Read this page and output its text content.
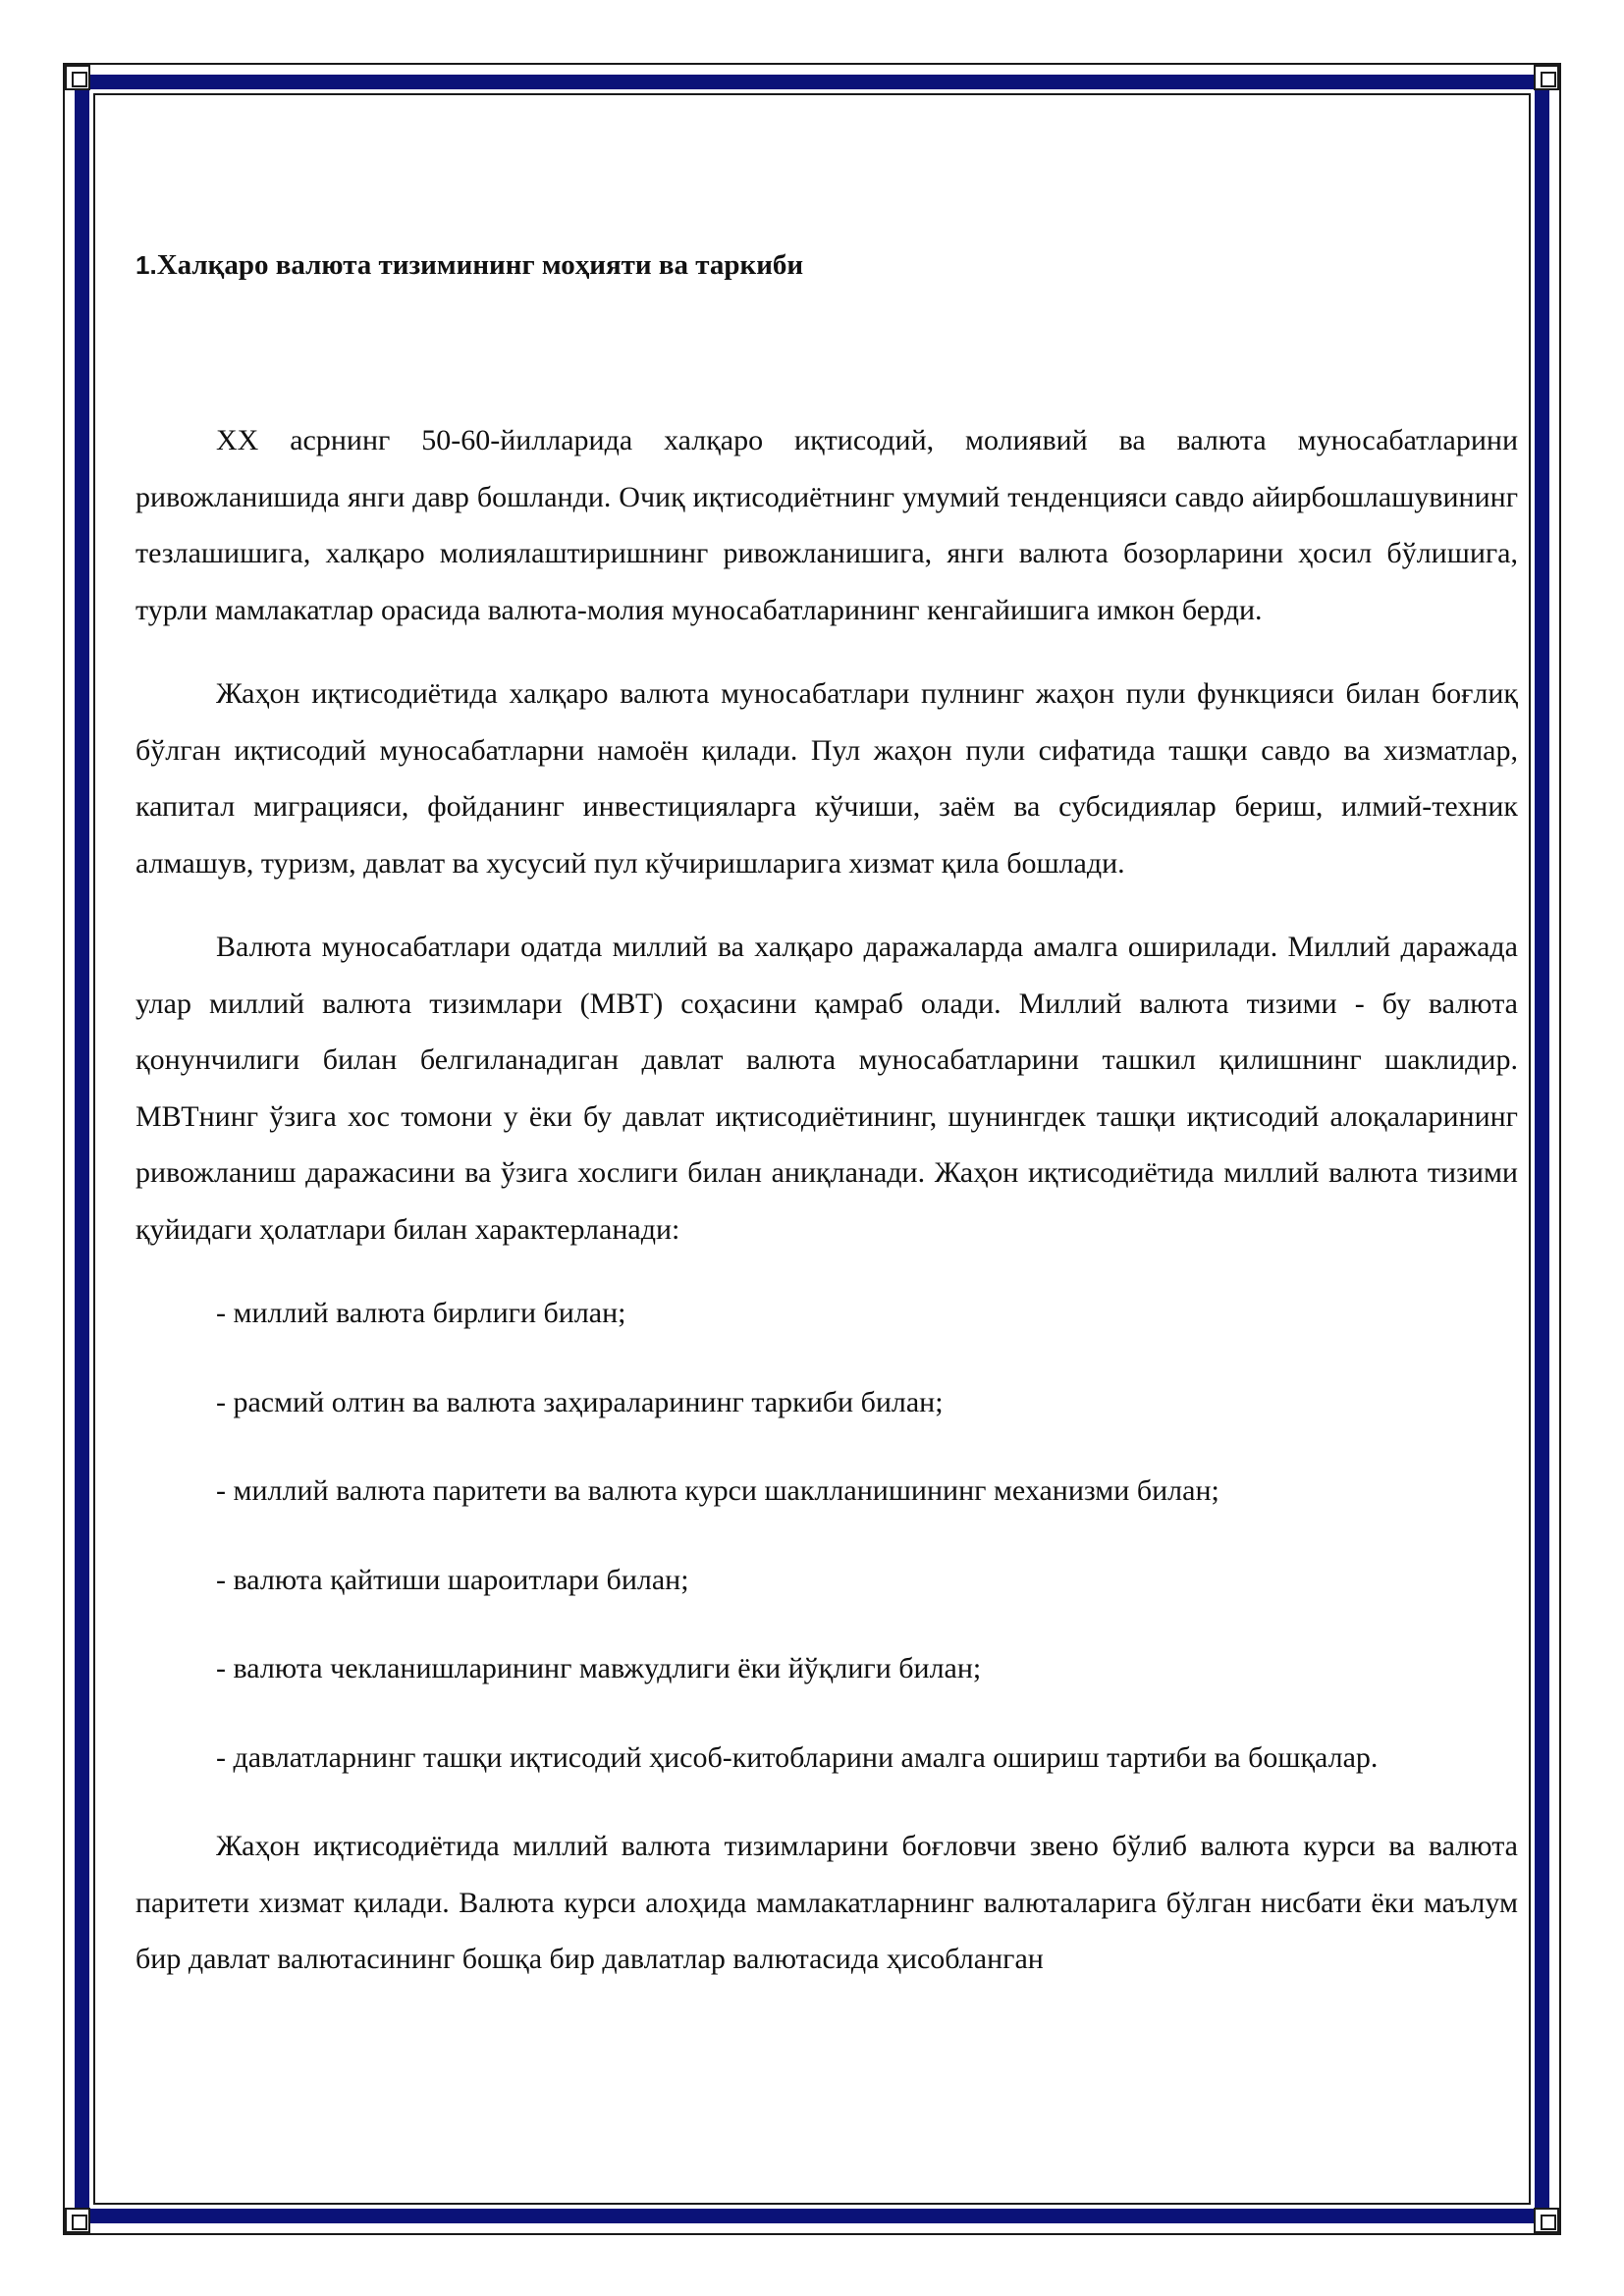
1.Халқаро валюта тизимининг моҳияти ва таркиби

ХХ асрнинг 50-60-йилларида халқаро иқтисодий, молиявий ва валюта муносабатларини ривожланишида янги давр бошланди. Очиқ иқтисодиётнинг умумий тенденцияси савдо айирбошлашувининг тезлашишига, халқаро молиялаштиришнинг ривожланишига, янги валюта бозорларини ҳосил бўлишига, турли мамлакатлар орасида валюта-молия муносабатларининг кенгайишига имкон берди.

Жаҳон иқтисодиётида халқаро валюта муносабатлари пулнинг жаҳон пули функцияси билан боғлиқ бўлган иқтисодий муносабатларни намоён қилади. Пул жаҳон пули сифатида ташқи савдо ва хизматлар, капитал миграцияси, фойданинг инвестицияларга кўчиши, заём ва субсидиялар бериш, илмий-техник алмашув, туризм, давлат ва хусусий пул кўчиришларига хизмат қила бошлади.

Валюта муносабатлари одатда миллий ва халқаро даражаларда амалга оширилади. Миллий даражада улар миллий валюта тизимлари (МВТ) соҳасини қамраб олади. Миллий валюта тизими - бу валюта қонунчилиги билан белгиланадиган давлат валюта муносабатларини ташкил қилишнинг шаклидир. МВТнинг ўзига хос томони у ёки бу давлат иқтисодиётининг, шунингдек ташқи иқтисодий алоқаларининг ривожланиш даражасини ва ўзига хослиги билан аниқланади. Жаҳон иқтисодиётида миллий валюта тизими қуйидаги ҳолатлари билан характерланади:

- миллий валюта бирлиги билан;

- расмий олтин ва валюта заҳираларининг таркиби билан;

- миллий валюта паритети ва валюта курси шаклланишининг механизми билан;

- валюта қайтиши шароитлари билан;

- валюта чекланишларининг мавжудлиги ёки йўқлиги билан;

- давлатларнинг ташқи иқтисодий ҳисоб-китобларини амалга ошириш тартиби ва бошқалар.

Жаҳон иқтисодиётида миллий валюта тизимларини боғловчи звено бўлиб валюта курси ва валюта паритети хизмат қилади. Валюта курси алоҳида мамлакатларнинг валюталарига бўлган нисбати ёки маълум бир давлат валютасининг бошқа бир давлатлар валютасида ҳисобланган
